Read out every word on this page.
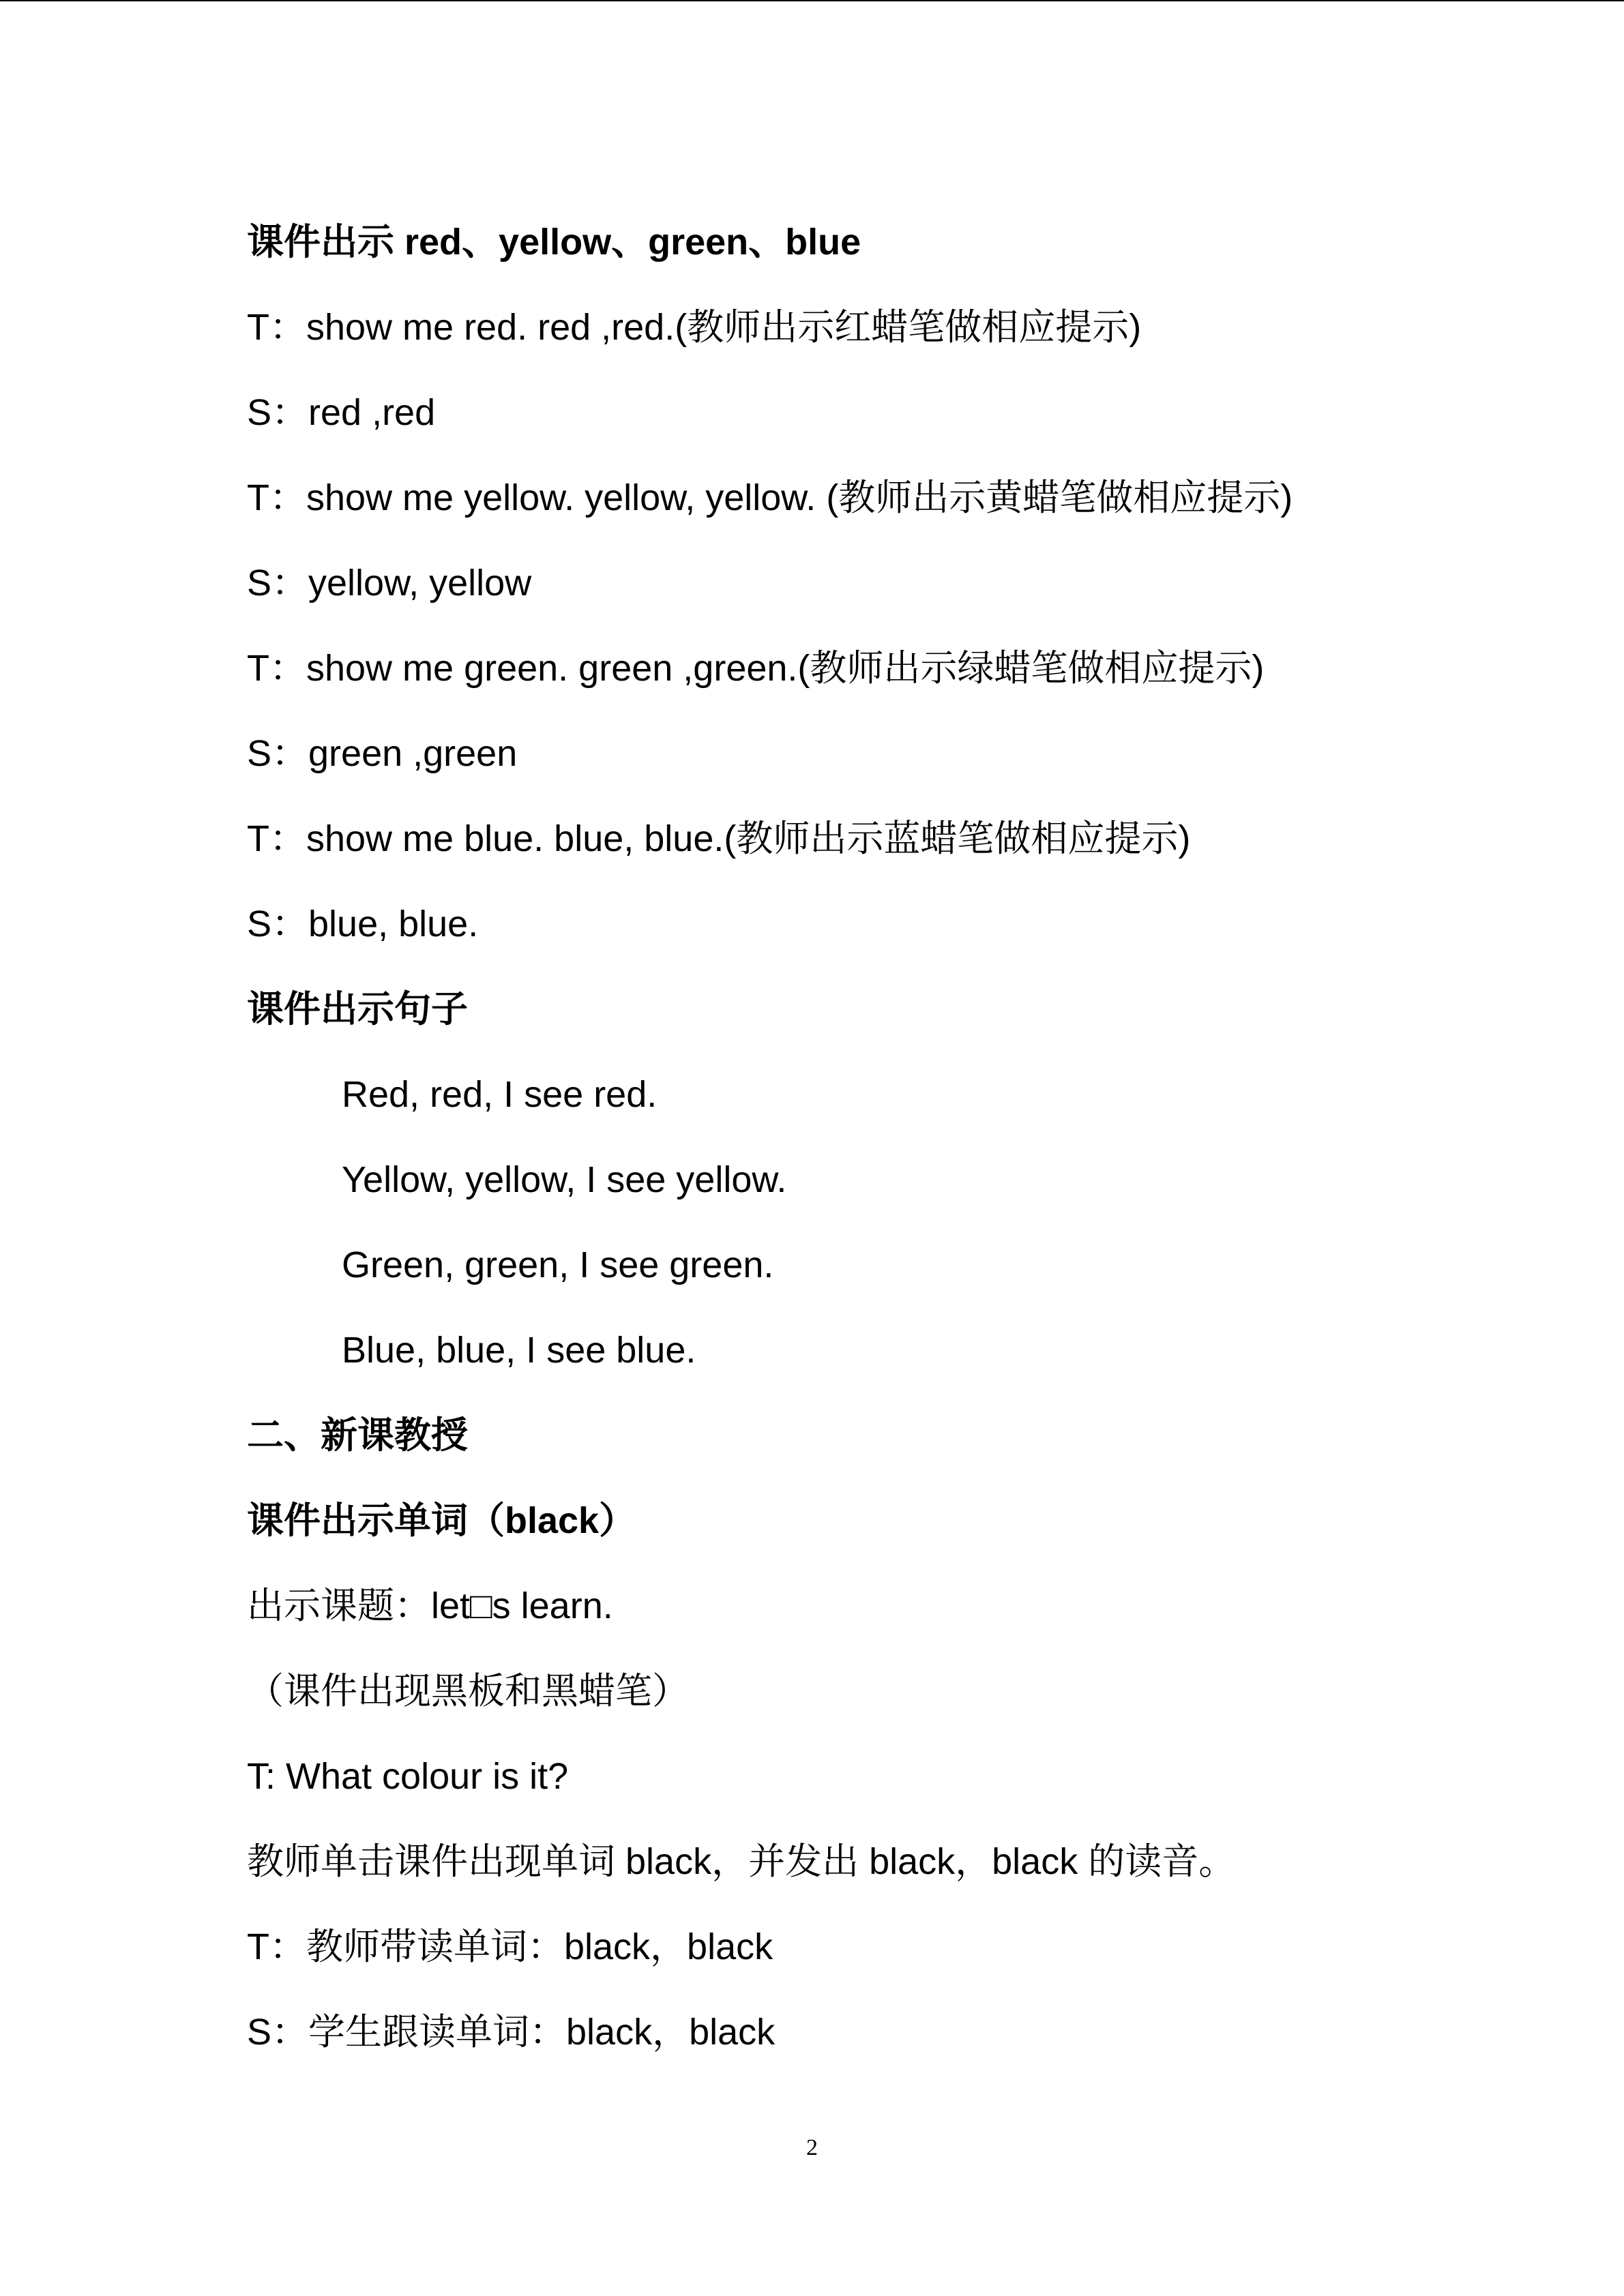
课件出示 red、yellow、green、blue
T：show me red. red ,red.(教师出示红蜡笔做相应提示)
S：red ,red
T：show me yellow. yellow, yellow. (教师出示黄蜡笔做相应提示)
S：yellow, yellow
T：show me green. green ,green.(教师出示绿蜡笔做相应提示)
S：green ,green
T：show me blue. blue, blue.(教师出示蓝蜡笔做相应提示)
S：blue, blue.
课件出示句子
Red, red, I see red.
Yellow, yellow, I see yellow.
Green, green, I see green.
Blue, blue, I see blue.
二、新课教授
课件出示单词（black）
出示课题：let□s learn.
（课件出现黑板和黑蜡笔）
T: What colour is it?
教师单击课件出现单词 black，并发出 black，black 的读音。
T：教师带读单词：black，black
S：学生跟读单词：black，black
2
